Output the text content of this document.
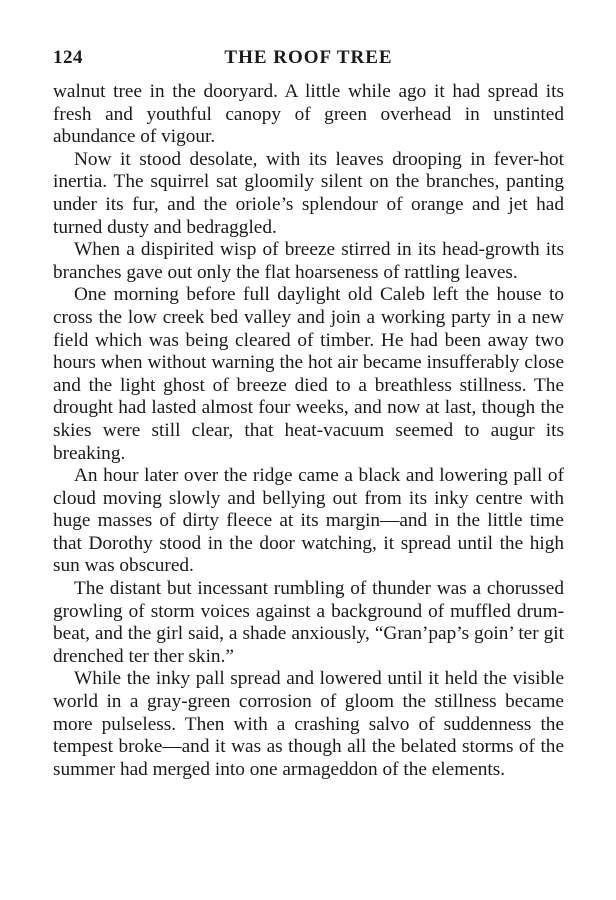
124	THE ROOF TREE

walnut tree in the dooryard. A little while ago it had spread its fresh and youthful canopy of green overhead in unstinted abundance of vigour.

Now it stood desolate, with its leaves drooping in fever-hot inertia. The squirrel sat gloomily silent on the branches, panting under its fur, and the oriole’s splendour of orange and jet had turned dusty and bedraggled.

When a dispirited wisp of breeze stirred in its head-growth its branches gave out only the flat hoarseness of rattling leaves.

One morning before full daylight old Caleb left the house to cross the low creek bed valley and join a working party in a new field which was being cleared of timber. He had been away two hours when without warning the hot air became insufferably close and the light ghost of breeze died to a breathless stillness. The drought had lasted almost four weeks, and now at last, though the skies were still clear, that heat-vacuum seemed to augur its breaking.

An hour later over the ridge came a black and lowering pall of cloud moving slowly and bellying out from its inky centre with huge masses of dirty fleece at its margin—and in the little time that Dorothy stood in the door watching, it spread until the high sun was obscured.

The distant but incessant rumbling of thunder was a chorussed growling of storm voices against a background of muffled drum-beat, and the girl said, a shade anxiously, “Gran’pap’s goin’ ter git drenched ter ther skin.”

While the inky pall spread and lowered until it held the visible world in a gray-green corrosion of gloom the stillness became more pulseless. Then with a crashing salvo of suddenness the tempest broke—and it was as though all the belated storms of the summer had merged into one armageddon of the elements.
